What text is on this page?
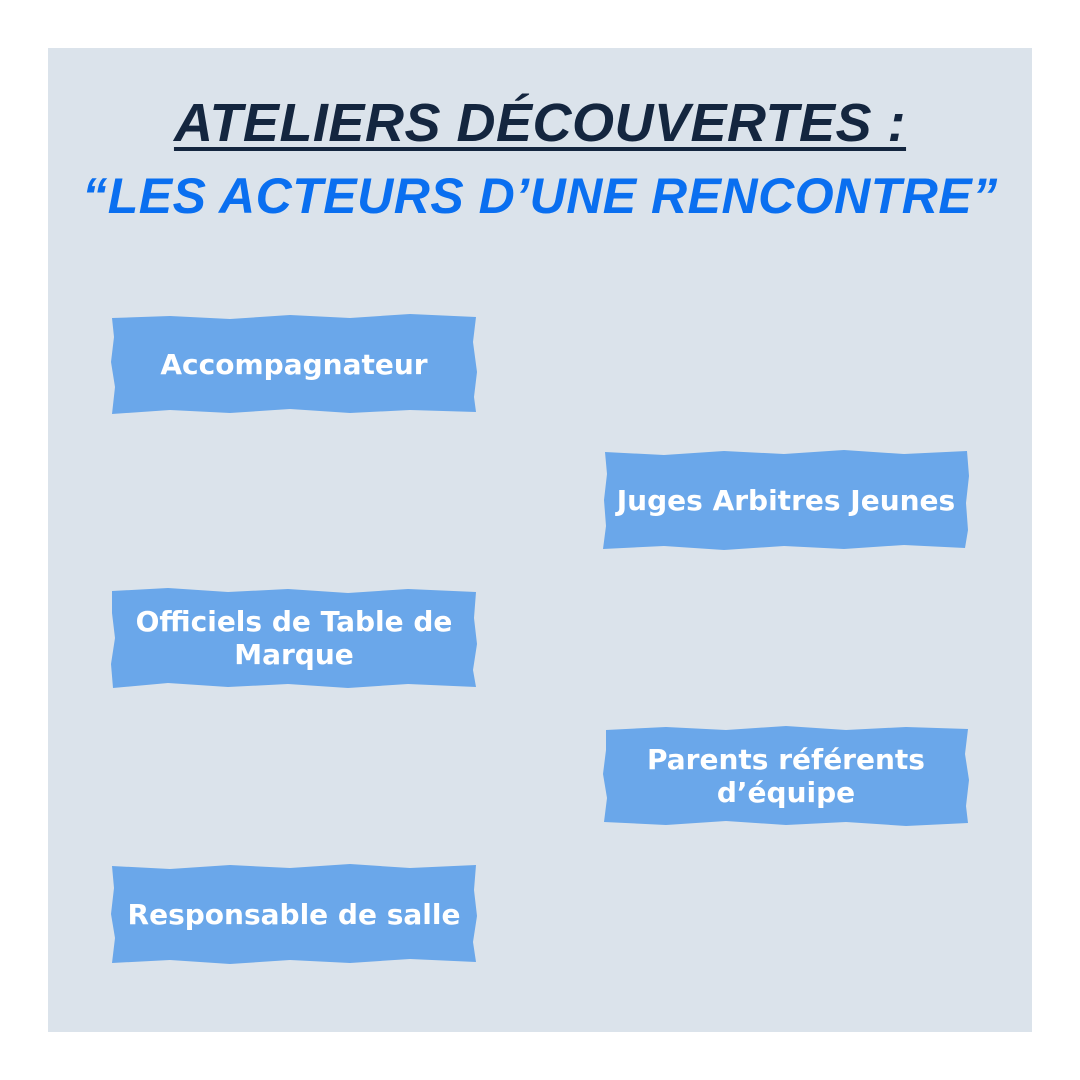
ATELIERS DÉCOUVERTES :
“LES ACTEURS D’UNE RENCONTRE”
Accompagnateur
Juges Arbitres Jeunes
Officiels de Table de Marque
Parents référents d’équipe
Responsable de salle
